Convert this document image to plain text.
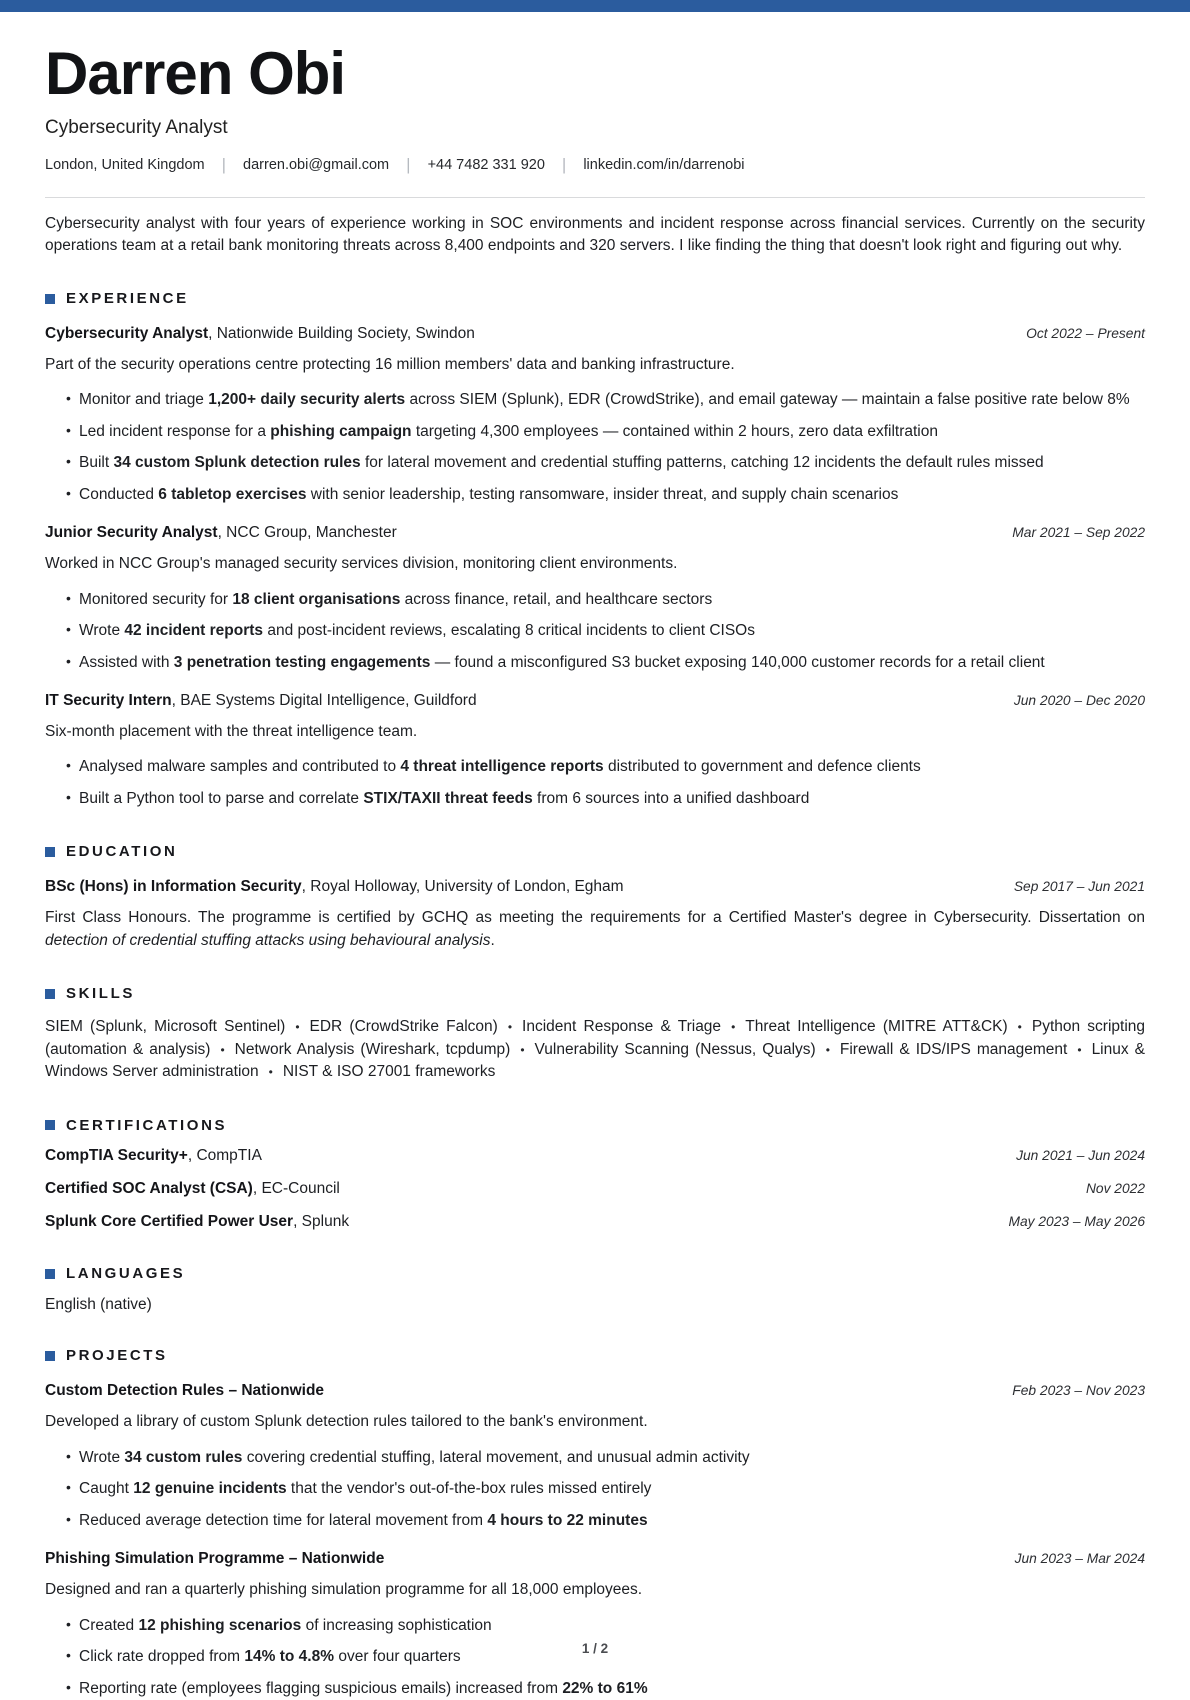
Darren Obi
Cybersecurity Analyst
London, United Kingdom | darren.obi@gmail.com | +44 7482 331 920 | linkedin.com/in/darrenobi

Cybersecurity analyst with four years of experience working in SOC environments and incident response across financial services. Currently on the security operations team at a retail bank monitoring threats across 8,400 endpoints and 320 servers. I like finding the thing that doesn't look right and figuring out why.

EXPERIENCE
Cybersecurity Analyst, Nationwide Building Society, Swindon	Oct 2022 – Present

Part of the security operations centre protecting 16 million members' data and banking infrastructure.

• Monitor and triage 1,200+ daily security alerts across SIEM (Splunk), EDR (CrowdStrike), and email gateway — maintain a false positive rate below 8%
• Led incident response for a phishing campaign targeting 4,300 employees — contained within 2 hours, zero data exfiltration
• Built 34 custom Splunk detection rules for lateral movement and credential stuffing patterns, catching 12 incidents the default rules missed
• Conducted 6 tabletop exercises with senior leadership, testing ransomware, insider threat, and supply chain scenarios
Junior Security Analyst, NCC Group, Manchester	Mar 2021 – Sep 2022

Worked in NCC Group's managed security services division, monitoring client environments.

• Monitored security for 18 client organisations across finance, retail, and healthcare sectors
• Wrote 42 incident reports and post-incident reviews, escalating 8 critical incidents to client CISOs
• Assisted with 3 penetration testing engagements — found a misconfigured S3 bucket exposing 140,000 customer records for a retail client
IT Security Intern, BAE Systems Digital Intelligence, Guildford	Jun 2020 – Dec 2020

Six-month placement with the threat intelligence team.

• Analysed malware samples and contributed to 4 threat intelligence reports distributed to government and defence clients
• Built a Python tool to parse and correlate STIX/TAXII threat feeds from 6 sources into a unified dashboard
EDUCATION
BSc (Hons) in Information Security, Royal Holloway, University of London, Egham	Sep 2017 – Jun 2021

First Class Honours. The programme is certified by GCHQ as meeting the requirements for a Certified Master's degree in Cybersecurity. Dissertation on detection of credential stuffing attacks using behavioural analysis.

SKILLS

SIEM (Splunk, Microsoft Sentinel) • EDR (CrowdStrike Falcon) • Incident Response & Triage • Threat Intelligence (MITRE ATT&CK) • Python scripting (automation & analysis) • Network Analysis (Wireshark, tcpdump) • Vulnerability Scanning (Nessus, Qualys) • Firewall & IDS/IPS management • Linux & Windows Server administration • NIST & ISO 27001 frameworks

CERTIFICATIONS
CompTIA Security+, CompTIA	Jun 2021 – Jun 2024
Certified SOC Analyst (CSA), EC-Council	Nov 2022
Splunk Core Certified Power User, Splunk	May 2023 – May 2026
LANGUAGES

English (native)

PROJECTS
Custom Detection Rules – Nationwide	Feb 2023 – Nov 2023

Developed a library of custom Splunk detection rules tailored to the bank's environment.

• Wrote 34 custom rules covering credential stuffing, lateral movement, and unusual admin activity
• Caught 12 genuine incidents that the vendor's out-of-the-box rules missed entirely
• Reduced average detection time for lateral movement from 4 hours to 22 minutes
Phishing Simulation Programme – Nationwide	Jun 2023 – Mar 2024

Designed and ran a quarterly phishing simulation programme for all 18,000 employees.

• Created 12 phishing scenarios of increasing sophistication
• Click rate dropped from 14% to 4.8% over four quarters
• Reporting rate (employees flagging suspicious emails) increased from 22% to 61%
1 / 2
